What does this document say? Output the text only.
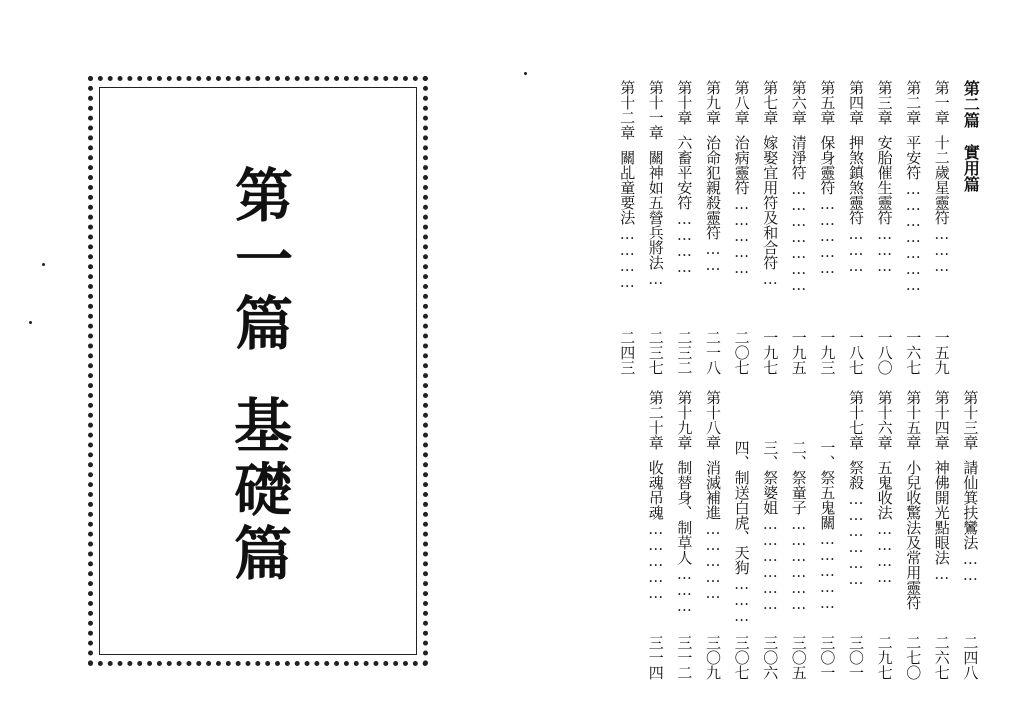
第一篇
基礎篇
第二篇　實用篇
第一章十二歲星靈符………
一五九
第二章平安符…………………
一六七
第三章安胎催生靈符………
一八〇
第四章押煞鎮煞靈符………
一八七
第五章保身靈符……………
一九三
第六章清淨符…………………
一九五
第七章嫁娶宜用符及和合符…
一九七
第八章治病靈符……………
二〇七
第九章治命犯親殺靈符……
二一八
第十章六畜平安符…………
二三二
第十一章關神如五營兵將法…
二三七
第十二章關乩童要法…………
二四三
第十三章請仙箕扶鸞法……
二四八
第十四章神佛開光點眼法…
二六七
第十五章小兒收驚法及常用靈符
二七〇
第十六章五鬼收法…………
二九七
第十七章祭殺………………
三〇一
一、祭五鬼關……………
三〇一
二、祭童子………………
三〇五
三、祭婆姐………………
三〇六
四、制送白虎、天狗………
三〇七
第十八章消滅補進……………
三〇九
第十九章制替身、制草人………
三一二
第二十章收魂吊魂……………
三一四
